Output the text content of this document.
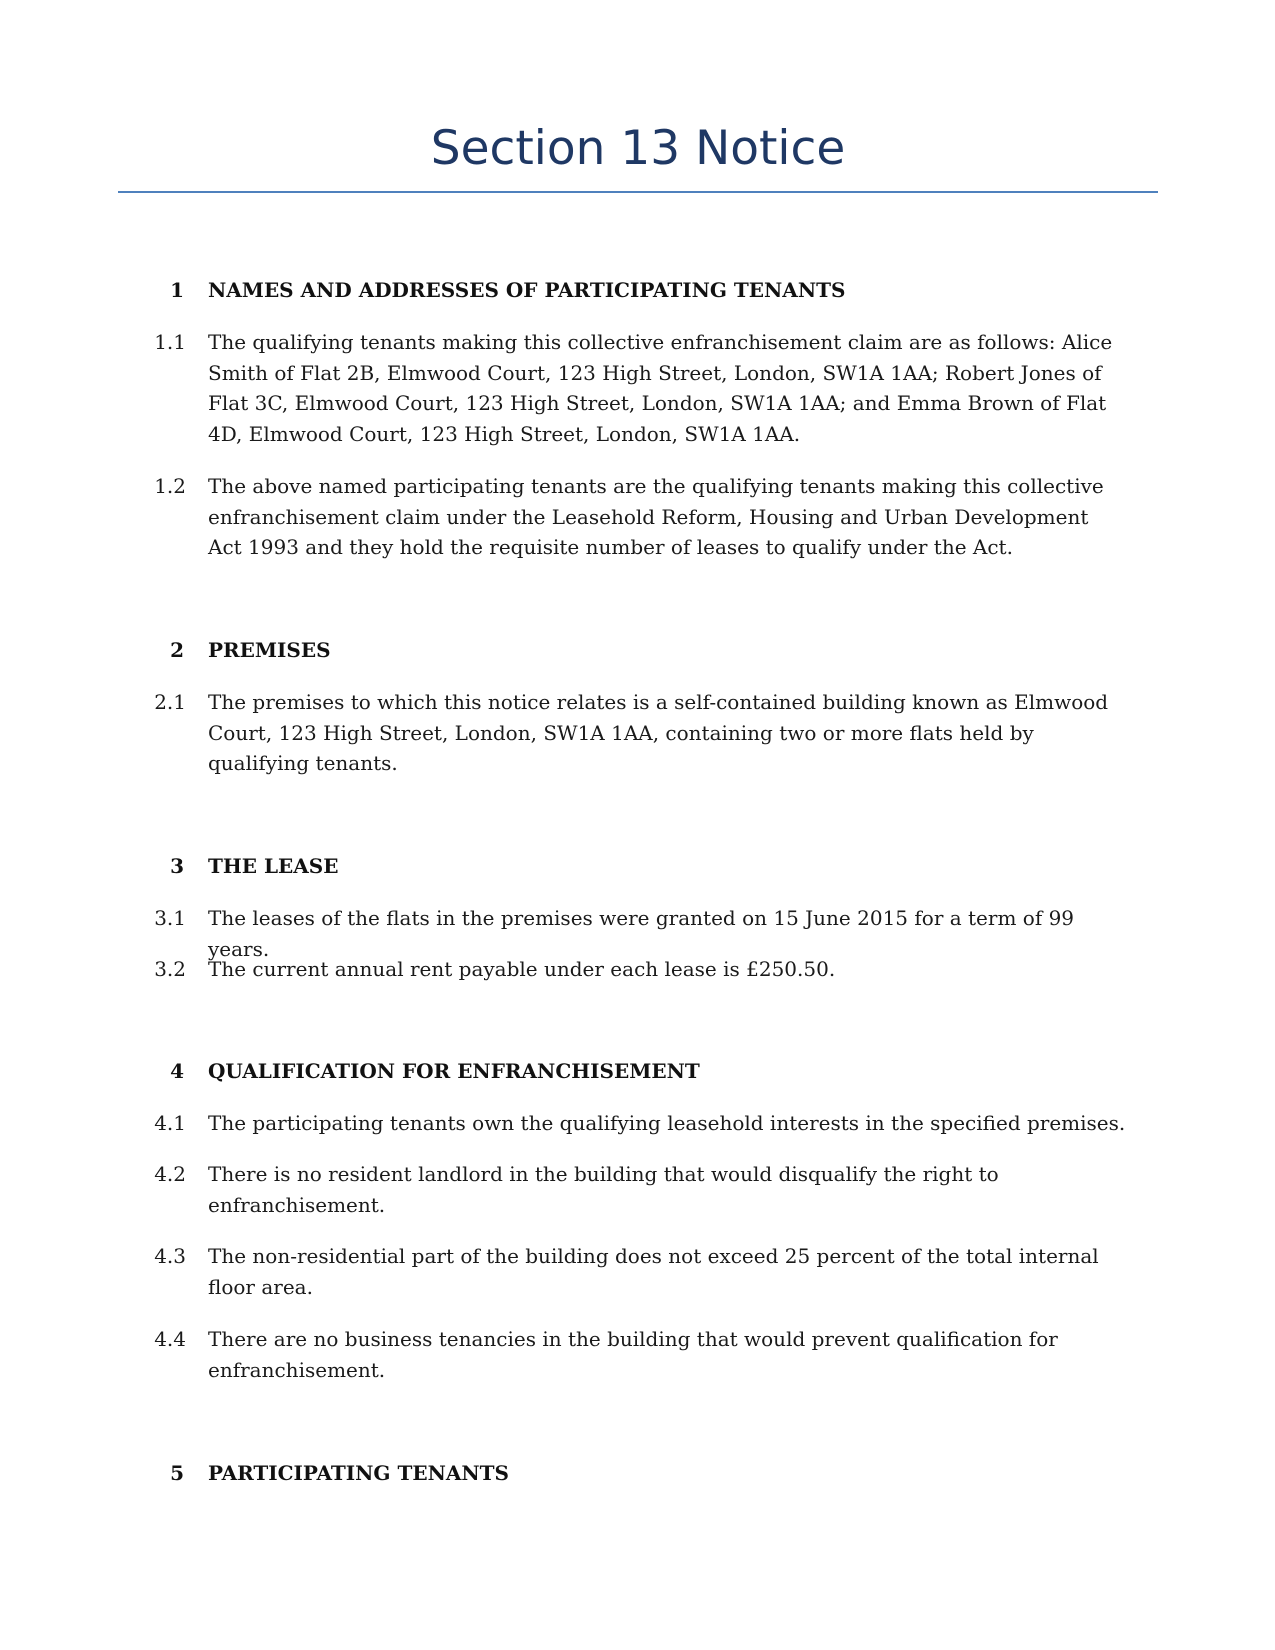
Section 13 Notice
1 NAMES AND ADDRESSES OF PARTICIPATING TENANTS
1.1 The qualifying tenants making this collective enfranchisement claim are as follows: Alice Smith of Flat 2B, Elmwood Court, 123 High Street, London, SW1A 1AA; Robert Jones of Flat 3C, Elmwood Court, 123 High Street, London, SW1A 1AA; and Emma Brown of Flat 4D, Elmwood Court, 123 High Street, London, SW1A 1AA.
1.2 The above named participating tenants are the qualifying tenants making this collective enfranchisement claim under the Leasehold Reform, Housing and Urban Development Act 1993 and they hold the requisite number of leases to qualify under the Act.
2 PREMISES
2.1 The premises to which this notice relates is a self-contained building known as Elmwood Court, 123 High Street, London, SW1A 1AA, containing two or more flats held by qualifying tenants.
3 THE LEASE
3.1 The leases of the flats in the premises were granted on 15 June 2015 for a term of 99 years.
3.2 The current annual rent payable under each lease is £250.50.
4 QUALIFICATION FOR ENFRANCHISEMENT
4.1 The participating tenants own the qualifying leasehold interests in the specified premises.
4.2 There is no resident landlord in the building that would disqualify the right to enfranchisement.
4.3 The non-residential part of the building does not exceed 25 percent of the total internal floor area.
4.4 There are no business tenancies in the building that would prevent qualification for enfranchisement.
5 PARTICIPATING TENANTS
